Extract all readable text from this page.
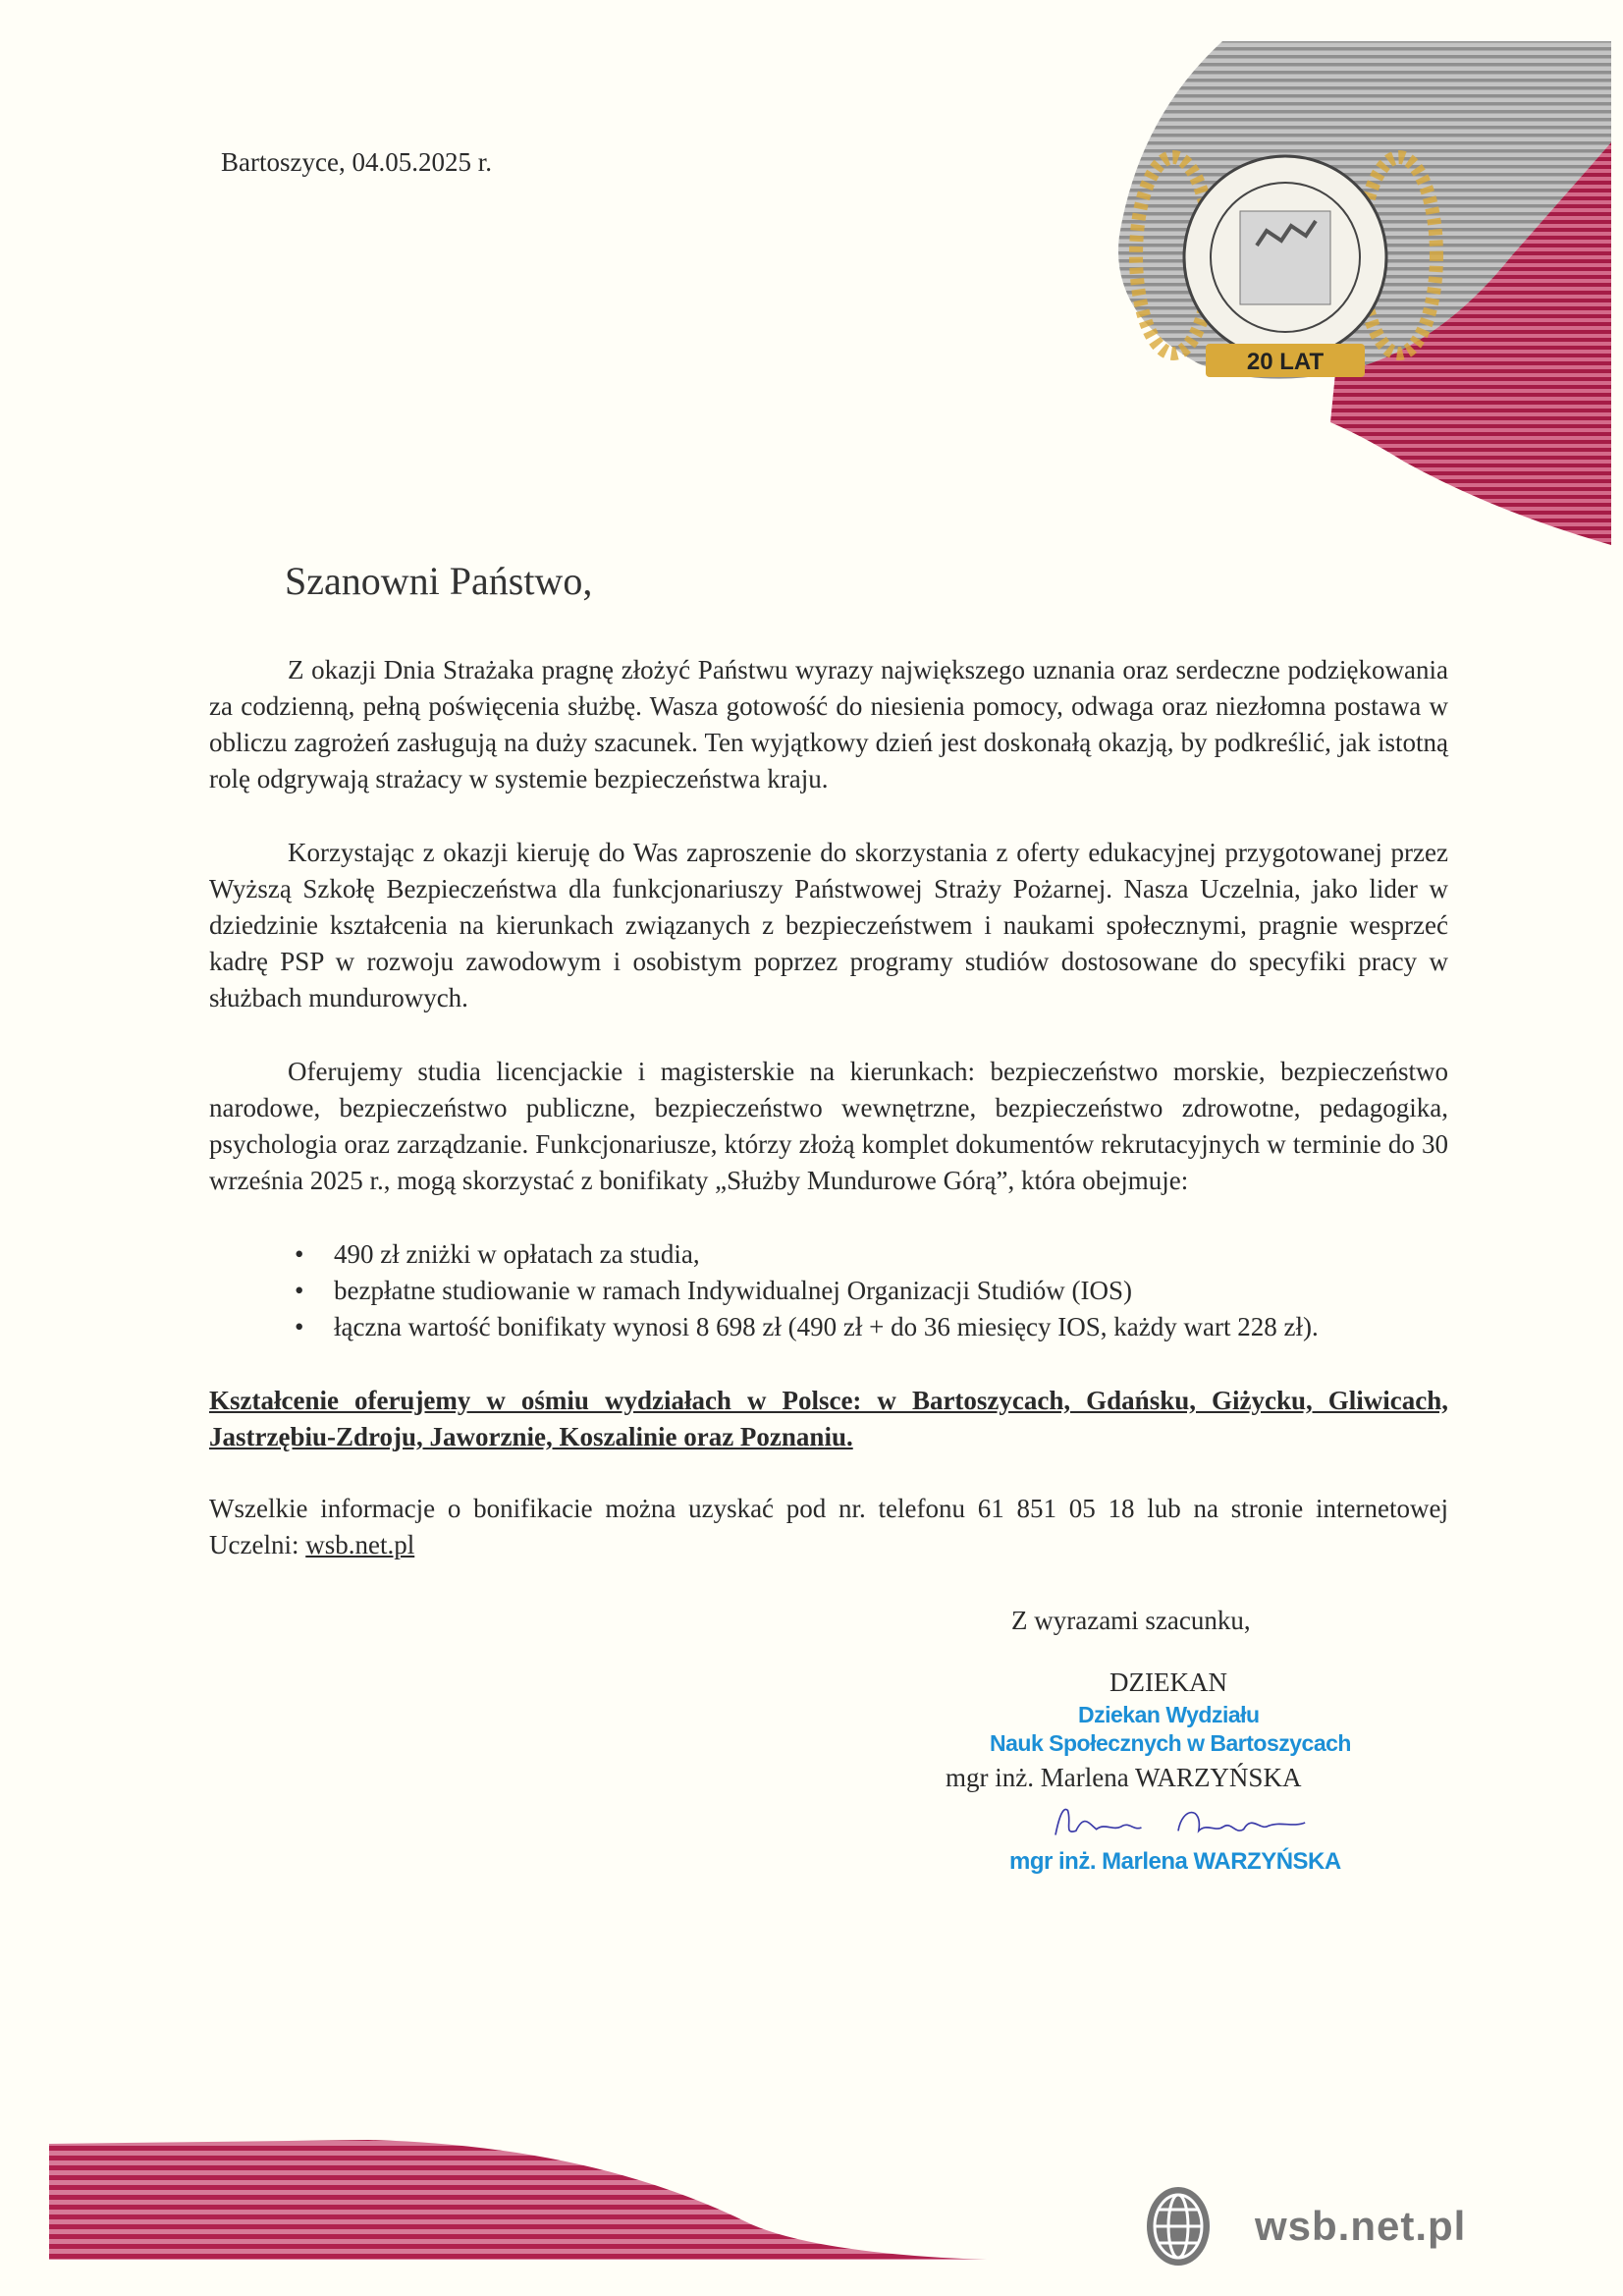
20 LAT
Bartoszyce, 04.05.2025 r.
Szanowni Państwo,

Z okazji Dnia Strażaka pragnę złożyć Państwu wyrazy największego uznania oraz serdeczne podziękowania za codzienną, pełną poświęcenia służbę. Wasza gotowość do niesienia pomocy, odwaga oraz niezłomna postawa w obliczu zagrożeń zasługują na duży szacunek. Ten wyjątkowy dzień jest doskonałą okazją, by podkreślić, jak istotną rolę odgrywają strażacy w systemie bezpieczeństwa kraju.

Korzystając z okazji kieruję do Was zaproszenie do skorzystania z oferty edukacyjnej przygotowanej przez Wyższą Szkołę Bezpieczeństwa dla funkcjonariuszy Państwowej Straży Pożarnej. Nasza Uczelnia, jako lider w dziedzinie kształcenia na kierunkach związanych z bezpieczeństwem i naukami społecznymi, pragnie wesprzeć kadrę PSP w rozwoju zawodowym i osobistym poprzez programy studiów dostosowane do specyfiki pracy w służbach mundurowych.

Oferujemy studia licencjackie i magisterskie na kierunkach: bezpieczeństwo morskie, bezpieczeństwo narodowe, bezpieczeństwo publiczne, bezpieczeństwo wewnętrzne, bezpieczeństwo zdrowotne, pedagogika, psychologia oraz zarządzanie. Funkcjonariusze, którzy złożą komplet dokumentów rekrutacyjnych w terminie do 30 września 2025 r., mogą skorzystać z bonifikaty „Służby Mundurowe Górą”, która obejmuje:

• 490 zł zniżki w opłatach za studia,
• bezpłatne studiowanie w ramach Indywidualnej Organizacji Studiów (IOS)
• łączna wartość bonifikaty wynosi 8 698 zł (490 zł + do 36 miesięcy IOS, każdy wart 228 zł).

Kształcenie oferujemy w ośmiu wydziałach w Polsce: w Bartoszycach, Gdańsku, Giżycku, Gliwicach, Jastrzębiu-Zdroju, Jaworznie, Koszalinie oraz Poznaniu.

Wszelkie informacje o bonifikacie można uzyskać pod nr. telefonu 61 851 05 18 lub na stronie internetowej Uczelni: wsb.net.pl

Z wyrazami szacunku,
DZIEKAN
Dziekan Wydziału
Nauk Społecznych w Bartoszycach
mgr inż. Marlena WARZYŃSKA
mgr inż. Marlena WARZYŃSKA
wsb.net.pl
